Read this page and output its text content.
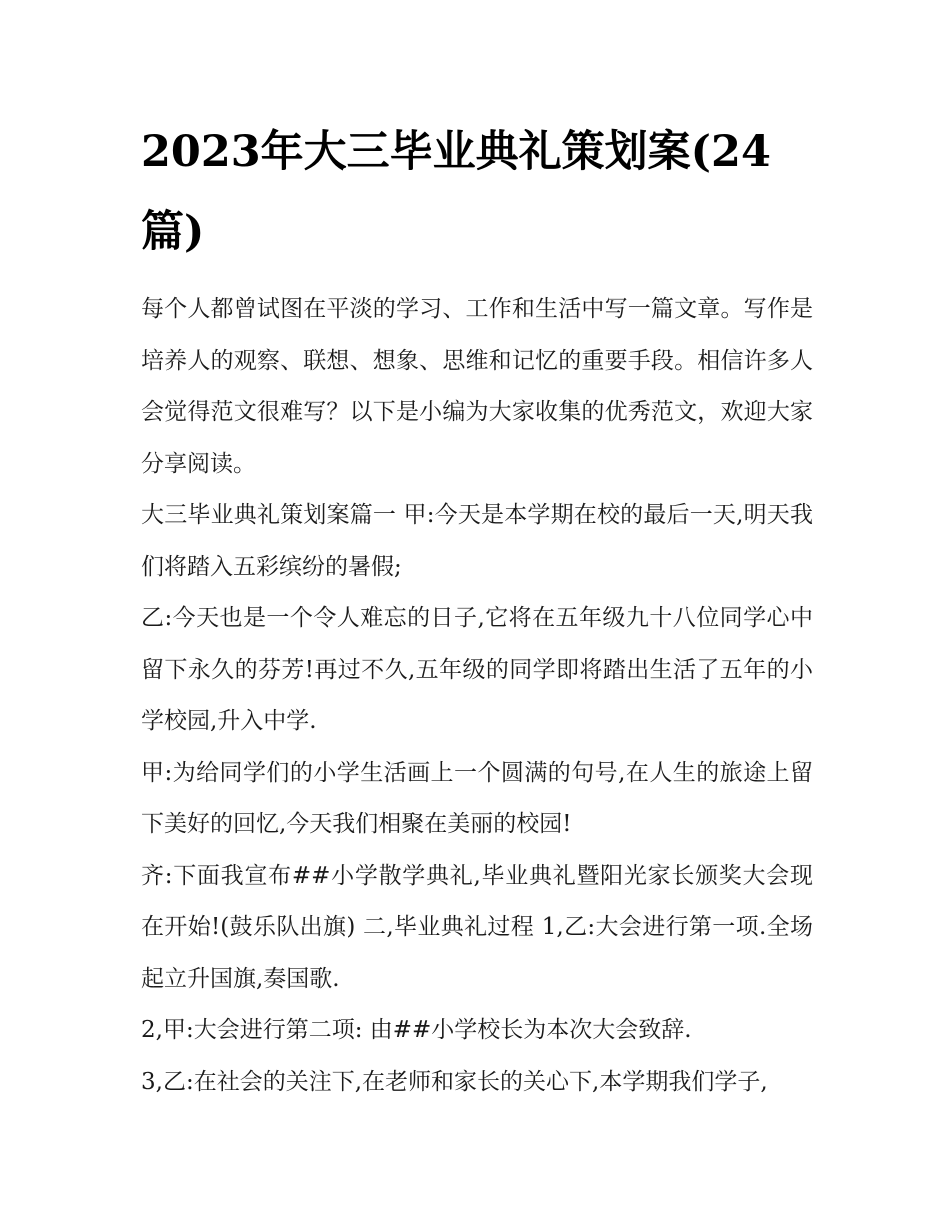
2023年大三毕业典礼策划案(24篇)

每个人都曾试图在平淡的学习、工作和生活中写一篇文章。写作是培养人的观察、联想、想象、思维和记忆的重要手段。相信许多人会觉得范文很难写？以下是小编为大家收集的优秀范文，欢迎大家分享阅读。

大三毕业典礼策划案篇一 甲:今天是本学期在校的最后一天,明天我们将踏入五彩缤纷的暑假;

乙:今天也是一个令人难忘的日子,它将在五年级九十八位同学心中留下永久的芬芳!再过不久,五年级的同学即将踏出生活了五年的小学校园,升入中学.

甲:为给同学们的小学生活画上一个圆满的句号,在人生的旅途上留下美好的回忆,今天我们相聚在美丽的校园!

齐:下面我宣布##小学散学典礼,毕业典礼暨阳光家长颁奖大会现在开始!(鼓乐队出旗) 二,毕业典礼过程 1,乙:大会进行第一项.全场起立升国旗,奏国歌.

2,甲:大会进行第二项: 由##小学校长为本次大会致辞.

3,乙:在社会的关注下,在老师和家长的关心下,本学期我们学子,
